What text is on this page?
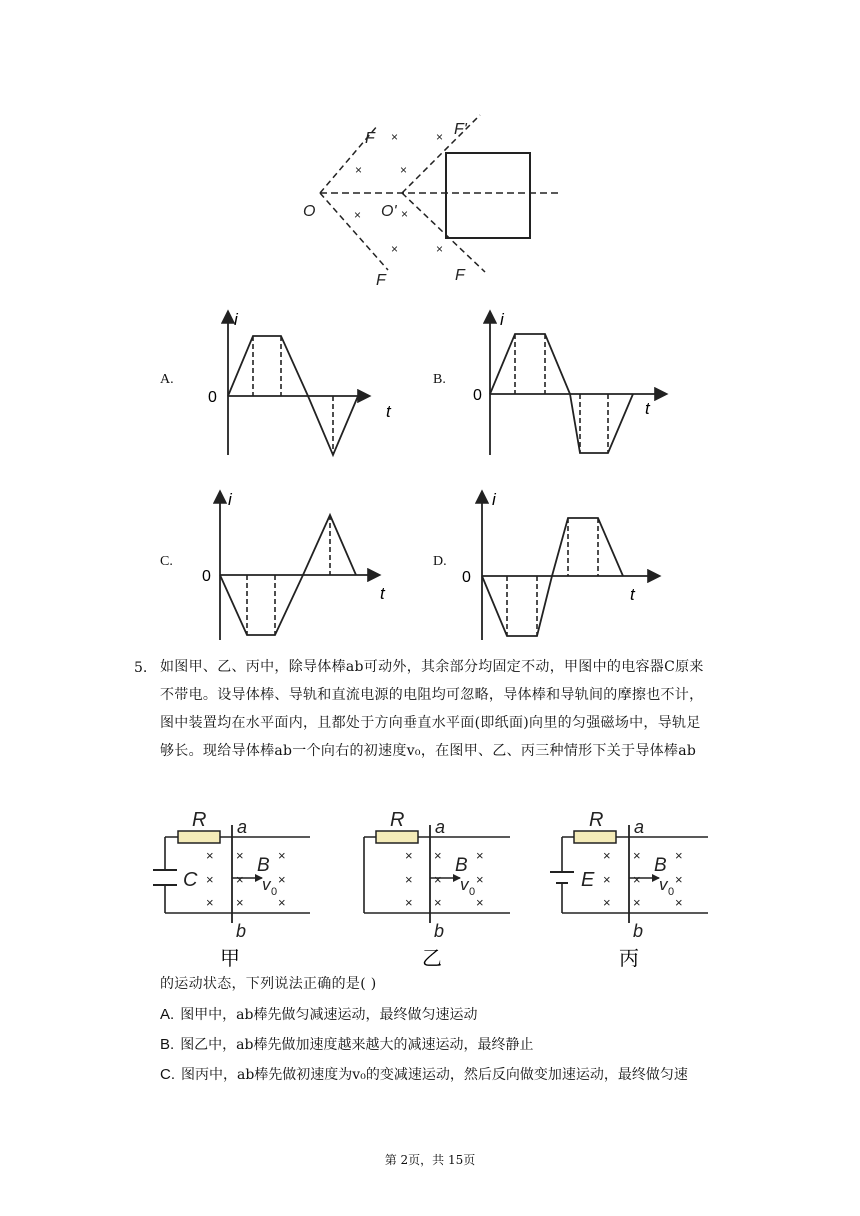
×	×
×	×
×	×
×	×
F
F'
O	O'
F	F
A.
i
t
0
B.
i
t
0
C.
i
t
0
D.
i
t
0
5. 如图甲、乙、丙中，除导体棒ab可动外，其余部分均固定不动，甲图中的电容器C原来
不带电。设导体棒、导轨和直流电源的电阻均可忽略，导体棒和导轨间的摩擦也不计，
图中装置均在水平面内，且都处于方向垂直水平面(即纸面)向里的匀强磁场中，导轨足
够长。现给导体棒ab一个向右的初速度v₀，在图甲、乙、丙三种情形下关于导体棒ab
×
×
×
×
×
×
×
×
×
R a
b
B
v 0
C
甲
×
×
×
×
×
×
×
×
×
R a
b
B
v 0
乙
×
×
×
×
×
×
×
×
×
R a
b
B
v 0
E
丙
的运动状态，下列说法正确的是( )
A. 图甲中，ab棒先做匀减速运动，最终做匀速运动
B. 图乙中，ab棒先做加速度越来越大的减速运动，最终静止
C. 图丙中，ab棒先做初速度为v₀的变减速运动，然后反向做变加速运动，最终做匀速
第 2页，共 15页
